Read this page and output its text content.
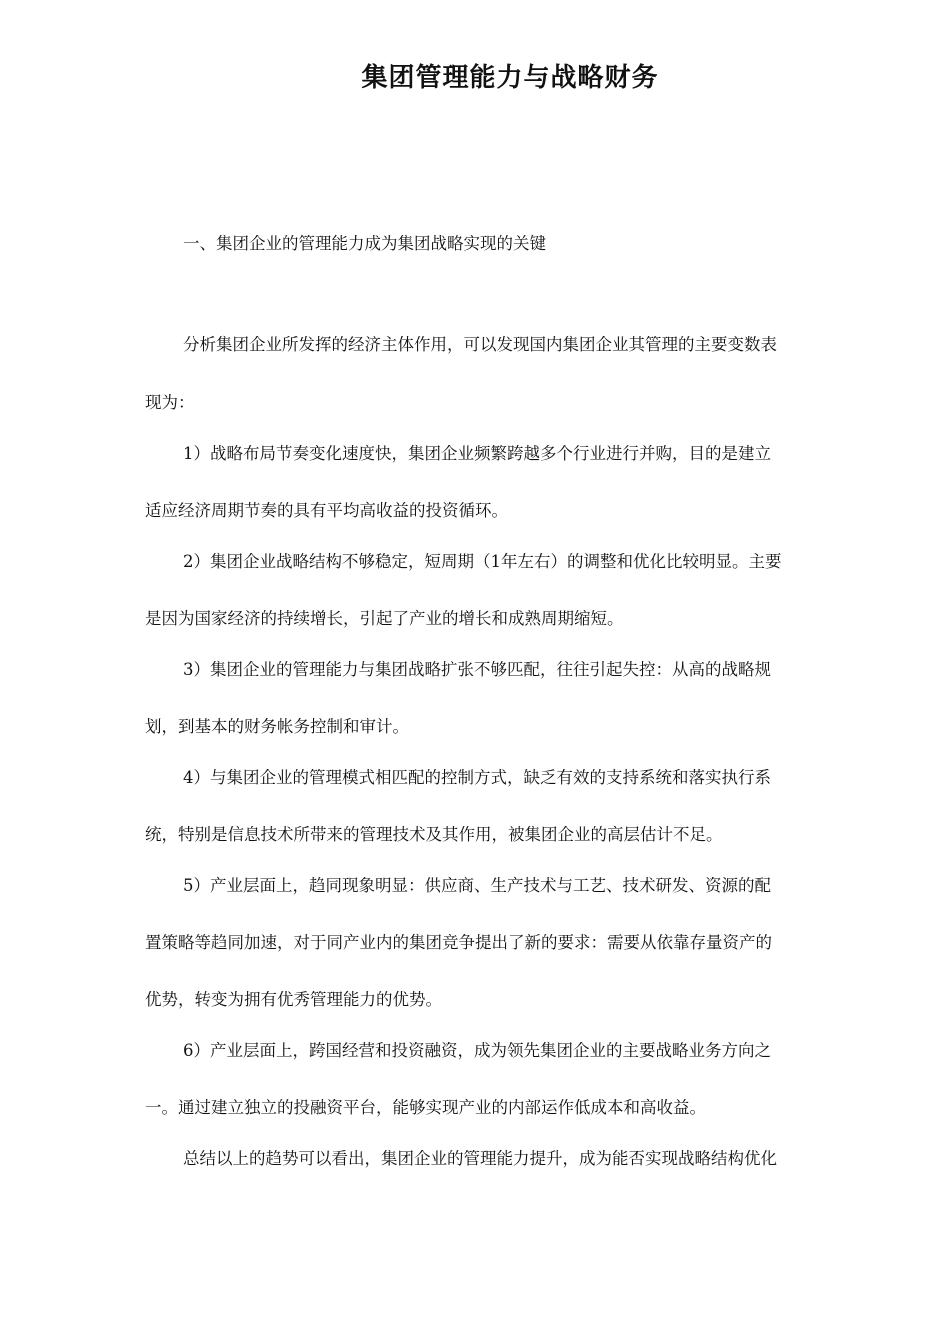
集团管理能力与战略财务
一、集团企业的管理能力成为集团战略实现的关键
分析集团企业所发挥的经济主体作用，可以发现国内集团企业其管理的主要变数表
现为：
1）战略布局节奏变化速度快，集团企业频繁跨越多个行业进行并购，目的是建立
适应经济周期节奏的具有平均高收益的投资循环。
2）集团企业战略结构不够稳定，短周期（1年左右）的调整和优化比较明显。主要
是因为国家经济的持续增长，引起了产业的增长和成熟周期缩短。
3）集团企业的管理能力与集团战略扩张不够匹配，往往引起失控：从高的战略规
划，到基本的财务帐务控制和审计。
4）与集团企业的管理模式相匹配的控制方式，缺乏有效的支持系统和落实执行系
统，特别是信息技术所带来的管理技术及其作用，被集团企业的高层估计不足。
5）产业层面上，趋同现象明显：供应商、生产技术与工艺、技术研发、资源的配
置策略等趋同加速，对于同产业内的集团竞争提出了新的要求：需要从依靠存量资产的
优势，转变为拥有优秀管理能力的优势。
6）产业层面上，跨国经营和投资融资，成为领先集团企业的主要战略业务方向之
一。通过建立独立的投融资平台，能够实现产业的内部运作低成本和高收益。
总结以上的趋势可以看出，集团企业的管理能力提升，成为能否实现战略结构优化
